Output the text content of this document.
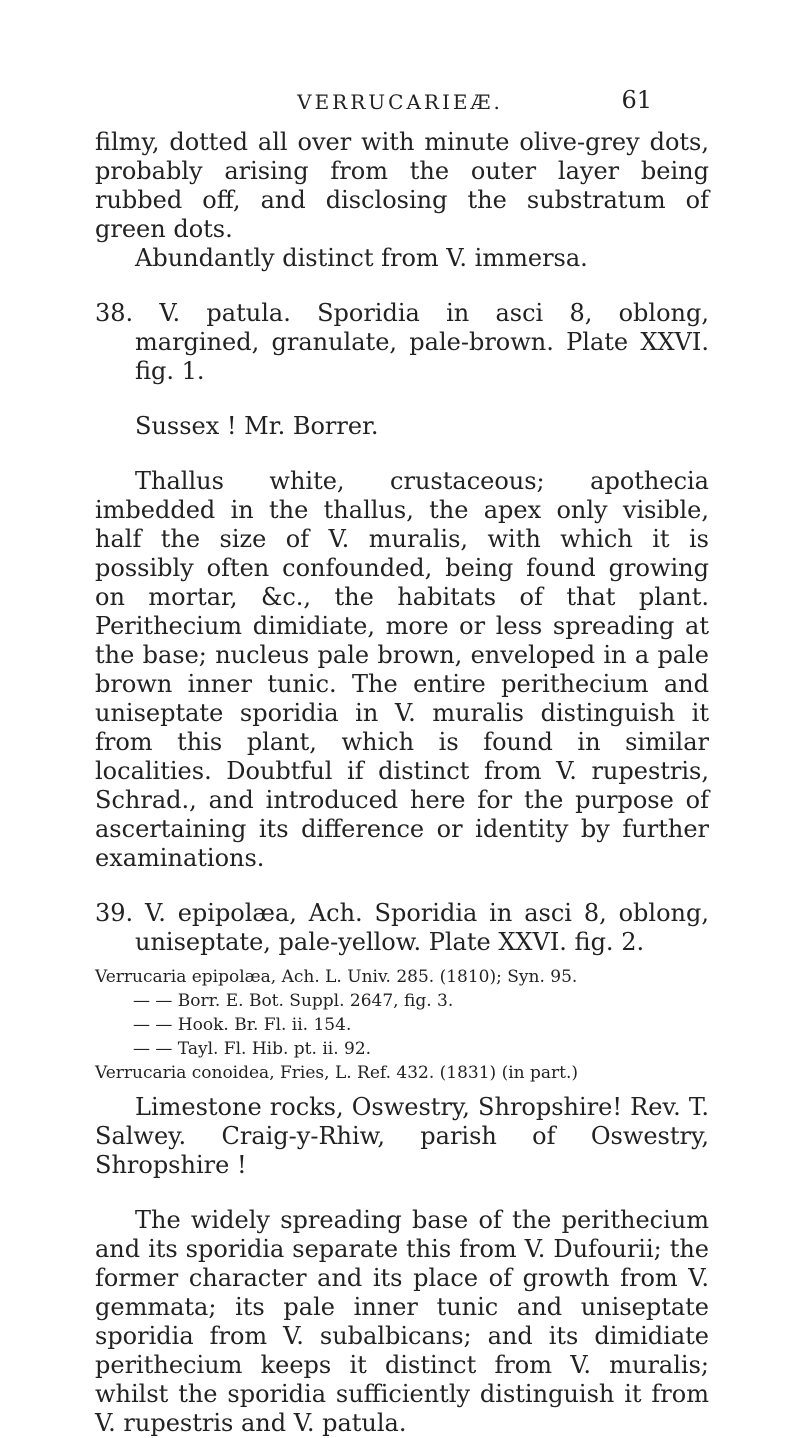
VERRUCARIEÆ.	61

filmy, dotted all over with minute olive-grey dots, probably arising from the outer layer being rubbed off, and disclosing the substratum of green dots.

Abundantly distinct from V. immersa.

38. V. patula. Sporidia in asci 8, oblong, margined, granulate, pale-brown. Plate XXVI. fig. 1.

Sussex ! Mr. Borrer.

Thallus white, crustaceous; apothecia imbedded in the thallus, the apex only visible, half the size of V. muralis, with which it is possibly often confounded, being found growing on mortar, &c., the habitats of that plant. Perithecium dimidiate, more or less spreading at the base; nucleus pale brown, enveloped in a pale brown inner tunic. The entire perithecium and uniseptate sporidia in V. muralis distinguish it from this plant, which is found in similar localities. Doubtful if distinct from V. rupestris, Schrad., and introduced here for the purpose of ascertaining its difference or identity by further examinations.

39. V. epipolæa, Ach. Sporidia in asci 8, oblong, uniseptate, pale-yellow. Plate XXVI. fig. 2.

Verrucaria epipolæa, Ach. L. Univ. 285. (1810); Syn. 95.
— — Borr. E. Bot. Suppl. 2647, fig. 3.
— — Hook. Br. Fl. ii. 154.
— — Tayl. Fl. Hib. pt. ii. 92.
Verrucaria conoidea, Fries, L. Ref. 432. (1831) (in part.)

Limestone rocks, Oswestry, Shropshire! Rev. T. Salwey. Craig-y-Rhiw, parish of Oswestry, Shropshire !

The widely spreading base of the perithecium and its sporidia separate this from V. Dufourii; the former character and its place of growth from V. gemmata; its pale inner tunic and uniseptate sporidia from V. subalbicans; and its dimidiate perithecium keeps it distinct from V. muralis; whilst the sporidia sufficiently distinguish it from V. rupestris and V. patula.
